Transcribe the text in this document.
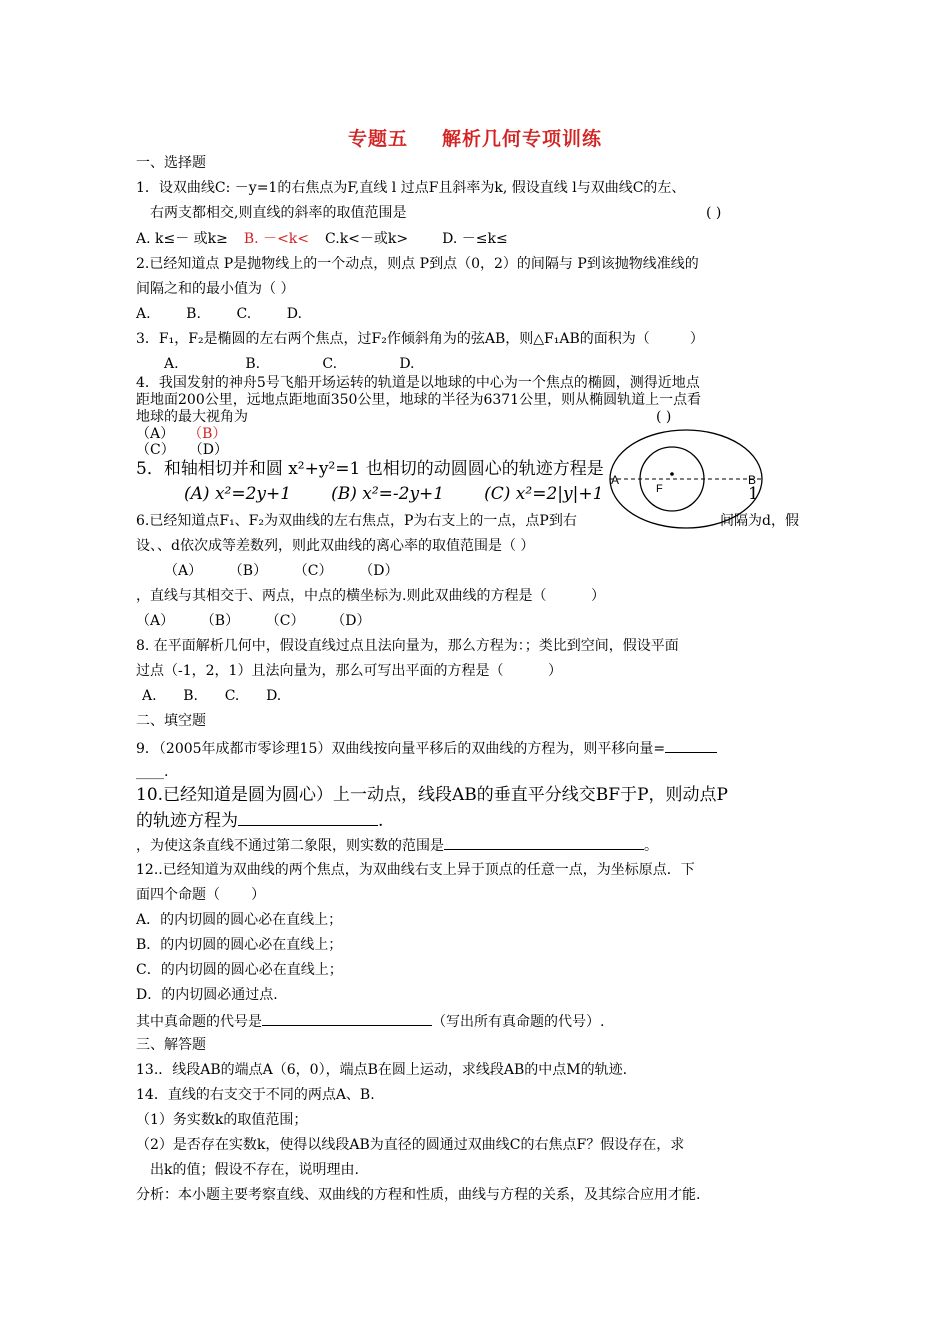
专题五 解析几何专项训练
一、选择题
1．设双曲线C: －y=1的右焦点为F,直线 l 过点F且斜率为k, 假设直线 l与双曲线C的左、
右两支都相交,则直线的斜率的取值范围是	( )
A. k≤－ 或k≥ B. －<k< C.k<－或k> D. －≤k≤
2.已经知道点 P是抛物线上的一个动点，则点 P到点（0，2）的间隔与 P到该抛物线准线的
间隔之和的最小值为（ ）
A.        B.        C.        D.
3．F₁，F₂是椭圆的左右两个焦点，过F₂作倾斜角为的弦AB，则△F₁AB的面积为（         ）
A.               B.              C.              D.
4．我国发射的神舟5号飞船开场运转的轨道是以地球的中心为一个焦点的椭圆，测得近地点
距地面200公里，远地点距地面350公里，地球的半径为6371公里，则从椭圆轨道上一点看
地球的最大视角为	( )
（A） （B）
（C） （D）
A	B
F
5．和轴相切并和圆 x²+y²=1 也相切的动圆圆心的轨迹方程是
(A) x²=2y+1 (B) x²=-2y+1 (C) x²=2|y|+1	1
6.已经知道点F₁、F₂为双曲线的左右焦点，P为右支上的一点，点P到右	间隔为d，假
设、、d依次成等差数列，则此双曲线的离心率的取值范围是（ ）
（A）      （B）      （C）      （D）
，直线与其相交于、两点，中点的横坐标为.则此双曲线的方程是（          ）
（A）      （B）      （C）      （D）
8. 在平面解析几何中，假设直线过点且法向量为，那么方程为：；类比到空间，假设平面
过点（-1，2，1）且法向量为，那么可写出平面的方程是（          ）
A.      B.      C.      D.
二、填空题
9．（2005年成都市零诊理15）双曲线按向量平移后的双曲线的方程为，则平移向量=
____.
10.已经知道是圆为圆心）上一动点，线段AB的垂直平分线交BF于P，则动点P
的轨迹方程为	.
，为使这条直线不通过第二象限，则实数的范围是	。
12..已经知道为双曲线的两个焦点，为双曲线右支上异于顶点的任意一点，为坐标原点．下
面四个命题（       ）
A．的内切圆的圆心必在直线上；
B．的内切圆的圆心必在直线上；
C．的内切圆的圆心必在直线上；
D．的内切圆必通过点.
其中真命题的代号是	（写出所有真命题的代号）.
三、解答题
13.．线段AB的端点A（6，0），端点B在圆上运动，求线段AB的中点M的轨迹.
14．直线的右支交于不同的两点A、B.
（1）务实数k的取值范围；
（2）是否存在实数k，使得以线段AB为直径的圆通过双曲线C的右焦点F？假设存在，求
出k的值；假设不存在，说明理由.
分析：本小题主要考察直线、双曲线的方程和性质，曲线与方程的关系，及其综合应用才能.
